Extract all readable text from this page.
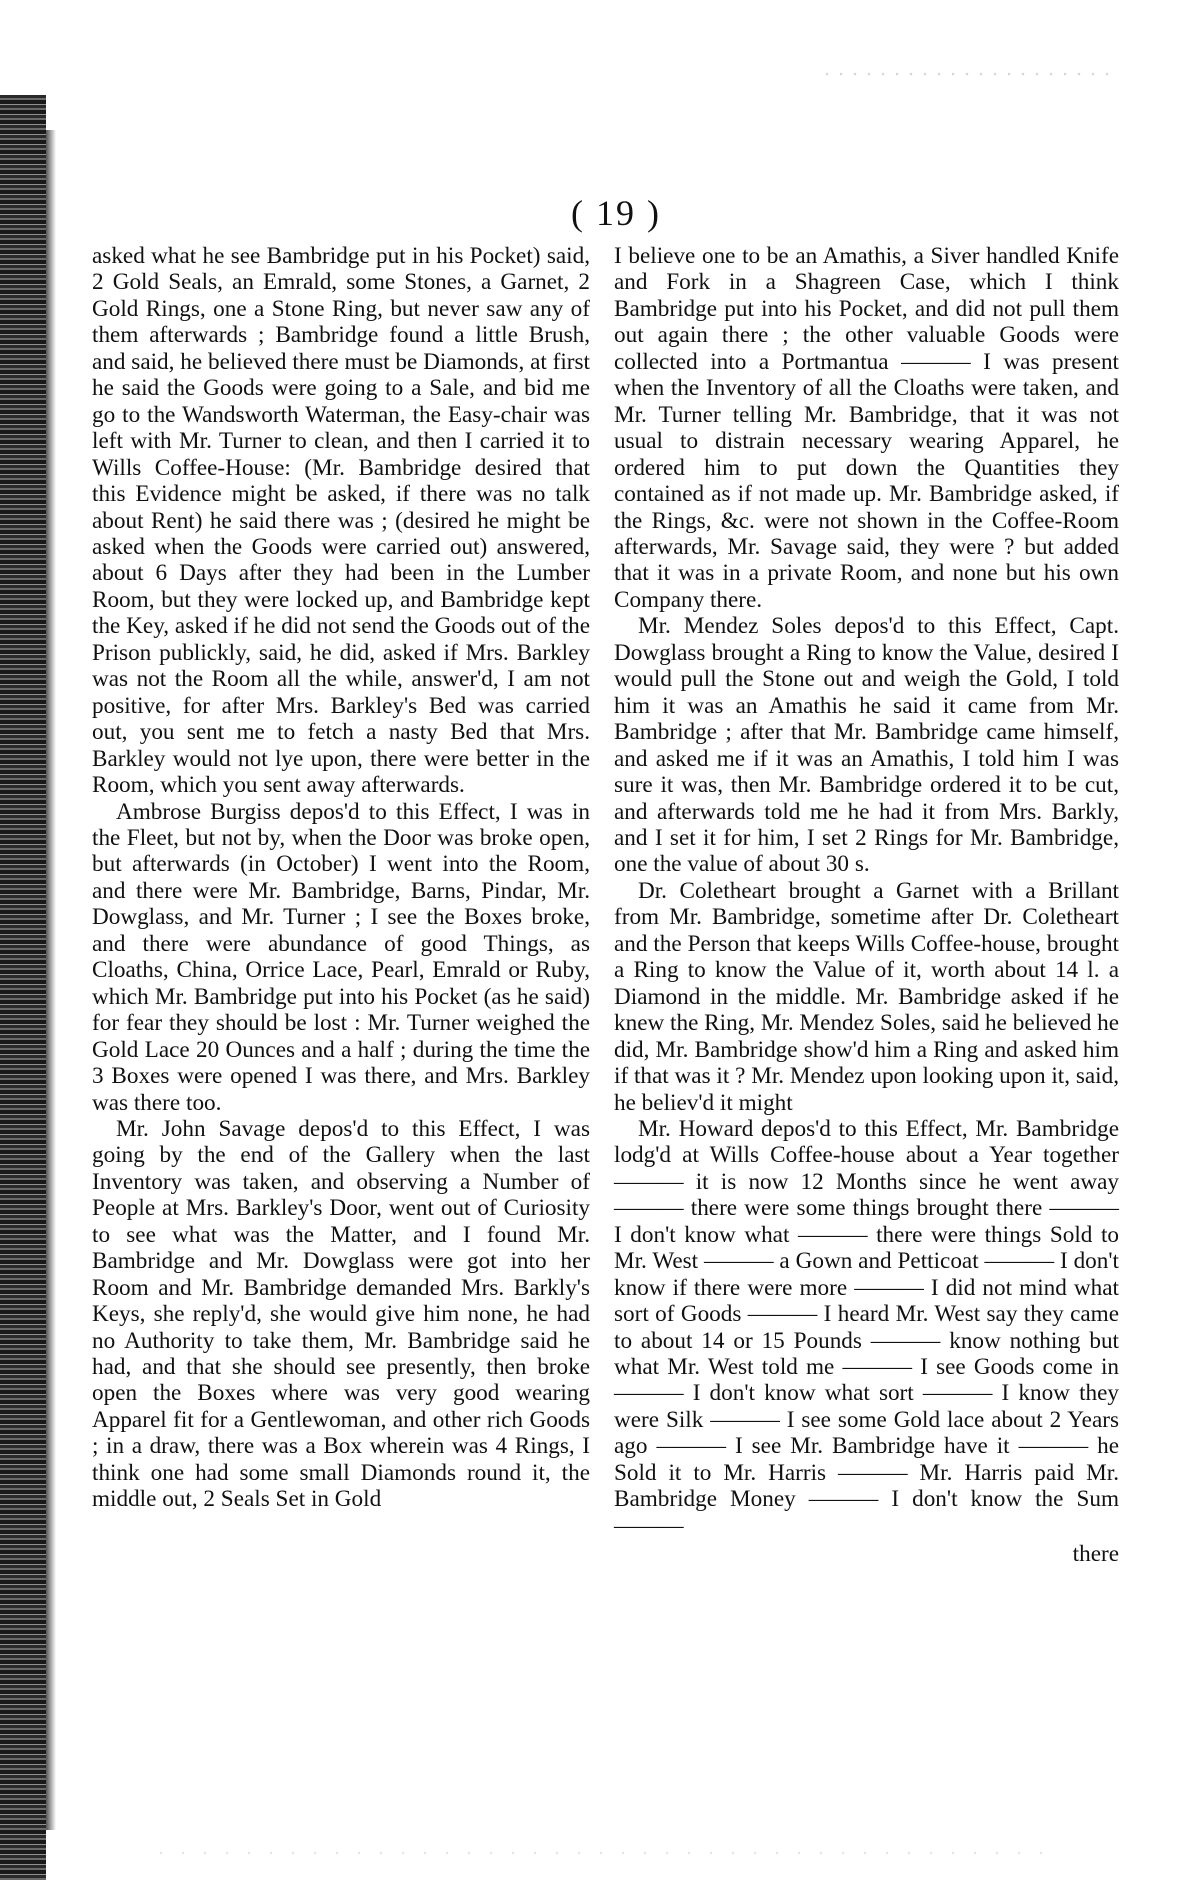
( 19 )

asked what he see Bambridge put in his Pocket) said, 2 Gold Seals, an Emrald, some Stones, a Garnet, 2 Gold Rings, one a Stone Ring, but never saw any of them afterwards ; Bambridge found a little Brush, and said, he believed there must be Diamonds, at first he said the Goods were going to a Sale, and bid me go to the Wandsworth Waterman, the Easy-chair was left with Mr. Turner to clean, and then I carried it to Wills Coffee-House: (Mr. Bambridge desired that this Evidence might be asked, if there was no talk about Rent) he said there was ; (desired he might be asked when the Goods were carried out) answered, about 6 Days after they had been in the Lumber Room, but they were locked up, and Bambridge kept the Key, asked if he did not send the Goods out of the Prison publickly, said, he did, asked if Mrs. Barkley was not the Room all the while, answer'd, I am not positive, for after Mrs. Barkley's Bed was carried out, you sent me to fetch a nasty Bed that Mrs. Barkley would not lye upon, there were better in the Room, which you sent away afterwards.

Ambrose Burgiss depos'd to this Effect, I was in the Fleet, but not by, when the Door was broke open, but afterwards (in October) I went into the Room, and there were Mr. Bambridge, Barns, Pindar, Mr. Dowglass, and Mr. Turner ; I see the Boxes broke, and there were abundance of good Things, as Cloaths, China, Orrice Lace, Pearl, Emrald or Ruby, which Mr. Bambridge put into his Pocket (as he said) for fear they should be lost : Mr. Turner weighed the Gold Lace 20 Ounces and a half ; during the time the 3 Boxes were opened I was there, and Mrs. Barkley was there too.

Mr. John Savage depos'd to this Effect, I was going by the end of the Gallery when the last Inventory was taken, and observing a Number of People at Mrs. Barkley's Door, went out of Curiosity to see what was the Matter, and I found Mr. Bambridge and Mr. Dowglass were got into her Room and Mr. Bambridge demanded Mrs. Barkly's Keys, she reply'd, she would give him none, he had no Authority to take them, Mr. Bambridge said he had, and that she should see presently, then broke open the Boxes where was very good wearing Apparel fit for a Gentlewoman, and other rich Goods ; in a draw, there was a Box wherein was 4 Rings, I think one had some small Diamonds round it, the middle out, 2 Seals Set in Gold

I believe one to be an Amathis, a Siver handled Knife and Fork in a Shagreen Case, which I think Bambridge put into his Pocket, and did not pull them out again there ; the other valuable Goods were collected into a Portmantua ——— I was present when the Inventory of all the Cloaths were taken, and Mr. Turner telling Mr. Bambridge, that it was not usual to distrain necessary wearing Apparel, he ordered him to put down the Quantities they contained as if not made up. Mr. Bambridge asked, if the Rings, &c. were not shown in the Coffee-Room afterwards, Mr. Savage said, they were ? but added that it was in a private Room, and none but his own Company there.

Mr. Mendez Soles depos'd to this Effect, Capt. Dowglass brought a Ring to know the Value, desired I would pull the Stone out and weigh the Gold, I told him it was an Amathis he said it came from Mr. Bambridge ; after that Mr. Bambridge came himself, and asked me if it was an Amathis, I told him I was sure it was, then Mr. Bambridge ordered it to be cut, and afterwards told me he had it from Mrs. Barkly, and I set it for him, I set 2 Rings for Mr. Bambridge, one the value of about 30 s.

Dr. Coletheart brought a Garnet with a Brillant from Mr. Bambridge, sometime after Dr. Coletheart and the Person that keeps Wills Coffee-house, brought a Ring to know the Value of it, worth about 14 l. a Diamond in the middle. Mr. Bambridge asked if he knew the Ring, Mr. Mendez Soles, said he believed he did, Mr. Bambridge show'd him a Ring and asked him if that was it ? Mr. Mendez upon looking upon it, said, he believ'd it might

Mr. Howard depos'd to this Effect, Mr. Bambridge lodg'd at Wills Coffee-house about a Year together ——— it is now 12 Months since he went away ——— there were some things brought there ——— I don't know what ——— there were things Sold to Mr. West ——— a Gown and Petticoat ——— I don't know if there were more ——— I did not mind what sort of Goods ——— I heard Mr. West say they came to about 14 or 15 Pounds ——— know nothing but what Mr. West told me ——— I see Goods come in ——— I don't know what sort ——— I know they were Silk ——— I see some Gold lace about 2 Years ago ——— I see Mr. Bambridge have it ——— he Sold it to Mr. Harris ——— Mr. Harris paid Mr. Bambridge Money ——— I don't know the Sum ———

there
